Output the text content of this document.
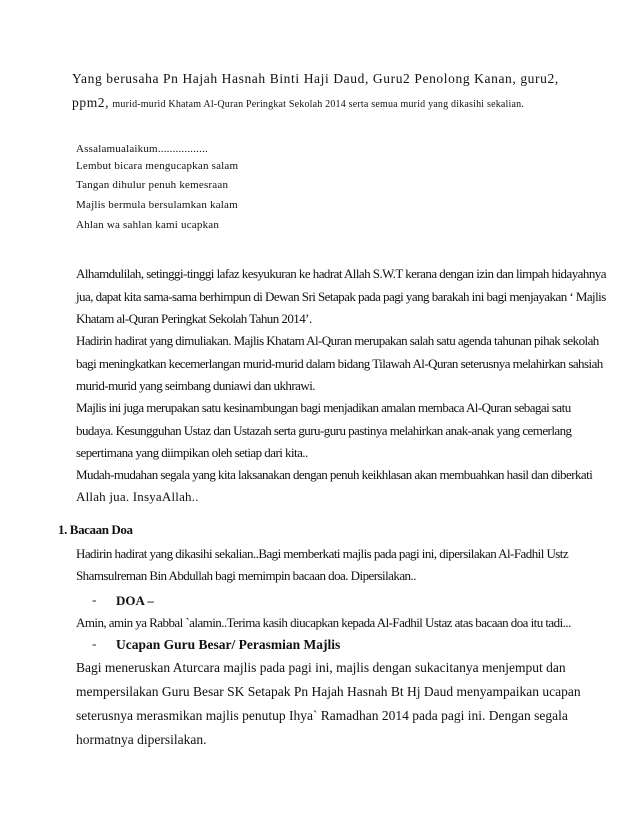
Yang berusaha Pn Hajah Hasnah Binti Haji Daud, Guru2 Penolong Kanan, guru2,
ppm2, murid-murid Khatam Al-Quran Peringkat Sekolah 2014 serta semua murid yang dikasihi sekalian.
Assalamualaikum.................
Lembut bicara mengucapkan salam
Tangan dihulur penuh kemesraan
Majlis bermula bersulamkan kalam
Ahlan wa sahlan kami ucapkan
Alhamdulilah, setinggi-tinggi lafaz kesyukuran ke hadrat Allah S.W.T kerana dengan izin dan limpah hidayahnya
jua, dapat kita sama-sama berhimpun di Dewan Sri Setapak pada pagi yang barakah ini bagi menjayakan ‘ Majlis
Khatam al-Quran Peringkat Sekolah Tahun 2014’.
Hadirin hadirat yang dimuliakan. Majlis Khatam Al-Quran merupakan salah satu agenda tahunan pihak sekolah
bagi meningkatkan kecemerlangan murid-murid dalam bidang Tilawah Al-Quran seterusnya melahirkan sahsiah
murid-murid yang seimbang duniawi dan ukhrawi.
Majlis ini juga merupakan satu kesinambungan bagi menjadikan amalan membaca Al-Quran sebagai satu
budaya. Kesungguhan Ustaz dan Ustazah serta guru-guru pastinya melahirkan anak-anak yang cemerlang
sepertimana yang diimpikan oleh setiap dari kita..
Mudah-mudahan segala yang kita laksanakan dengan penuh keikhlasan akan membuahkan hasil dan diberkati
Allah jua. InsyaAllah..
1. Bacaan Doa
Hadirin hadirat yang dikasihi sekalian..Bagi memberkati majlis pada pagi ini, dipersilakan Al-Fadhil Ustz
Shamsulreman Bin Abdullah bagi memimpin bacaan doa. Dipersilakan..
- DOA –
Amin, amin ya Rabbal `alamin..Terima kasih diucapkan kepada Al-Fadhil Ustaz atas bacaan doa itu tadi...
- Ucapan Guru Besar/ Perasmian Majlis
Bagi meneruskan Aturcara majlis pada pagi ini, majlis dengan sukacitanya menjemput dan
mempersilakan Guru Besar SK Setapak Pn Hajah Hasnah Bt Hj Daud menyampaikan ucapan
seterusnya merasmikan majlis penutup Ihya` Ramadhan 2014 pada pagi ini. Dengan segala
hormatnya dipersilakan.
